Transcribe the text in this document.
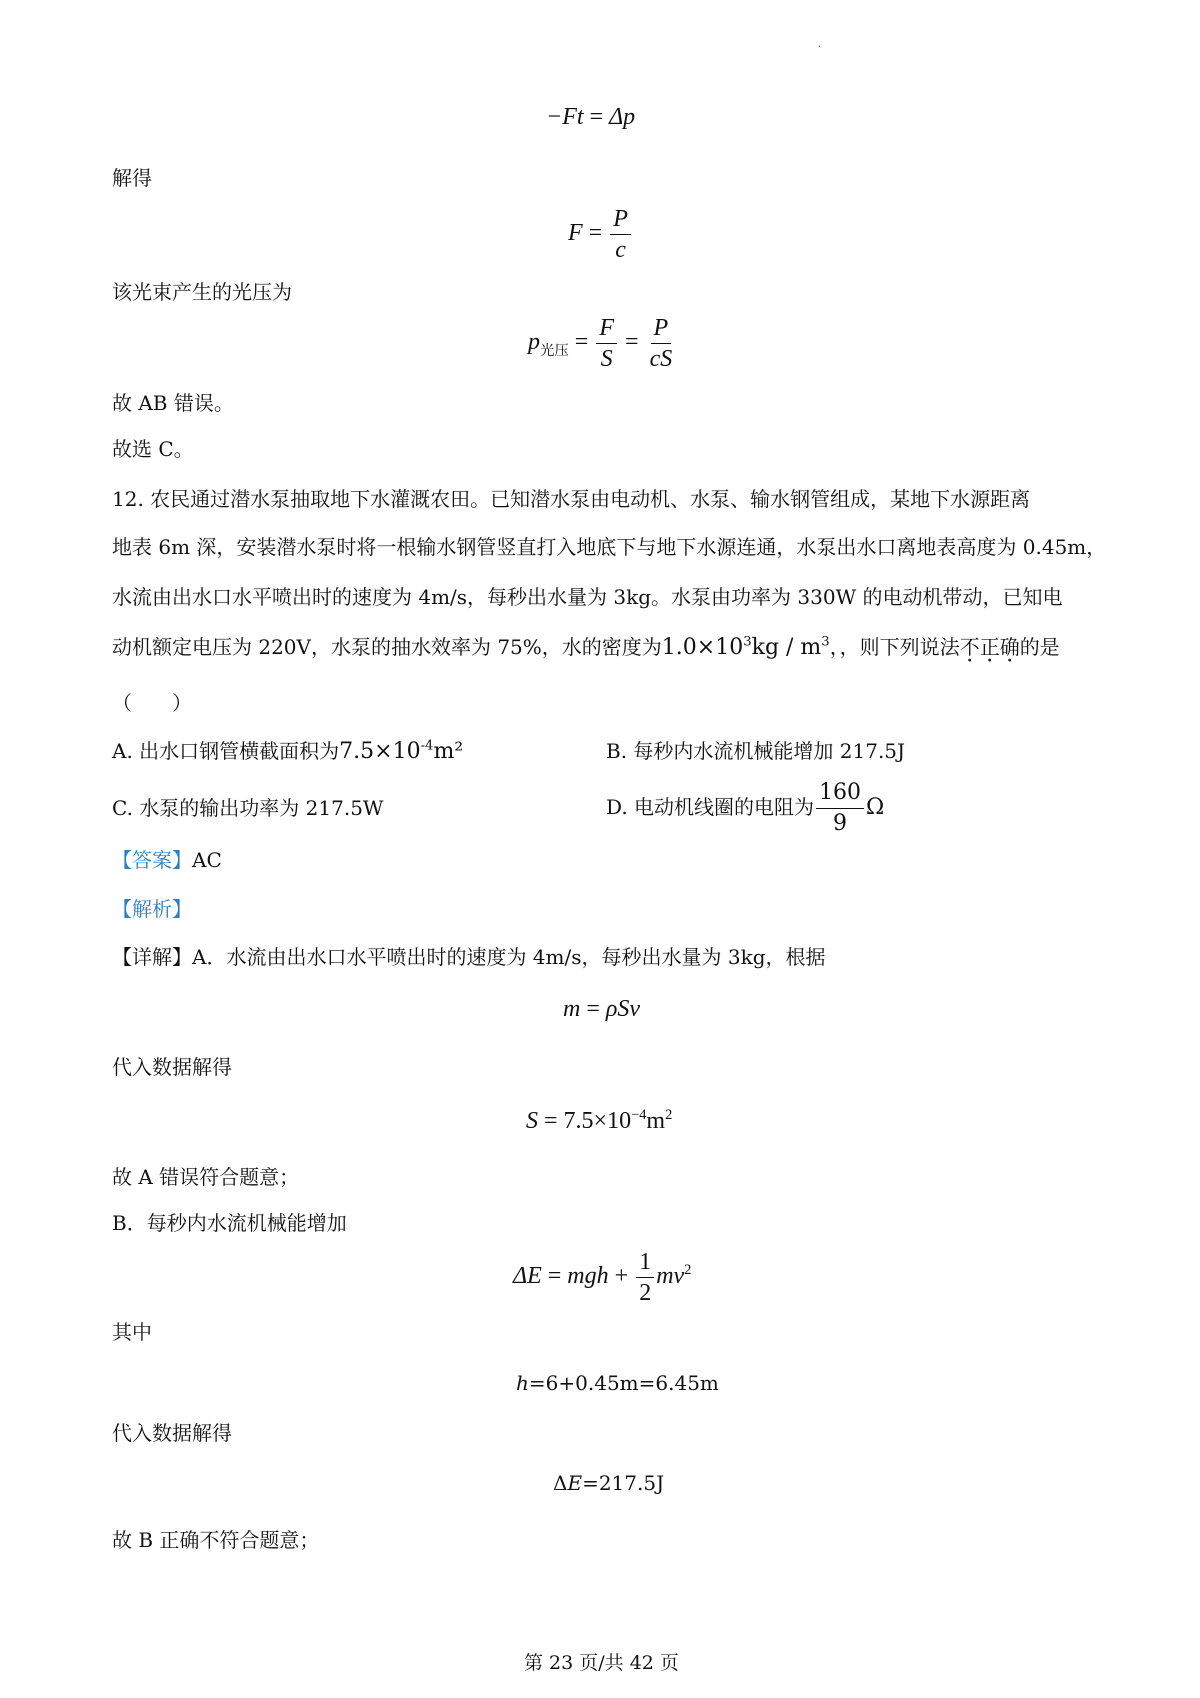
·
−Ft = Δp
解得
$F = \frac{P}{c}$
该光束产生的光压为
$p_{光压} = \frac{F}{S} = \frac{P}{cS}$
故 AB 错误。
故选 C。
12. 农民通过潜水泵抽取地下水灌溉农田。已知潜水泵由电动机、水泵、输水钢管组成，某地下水源距离
地表 6m 深，安装潜水泵时将一根输水钢管竖直打入地底下与地下水源连通，水泵出水口离地表高度为 0.45m，
水流由出水口水平喷出时的速度为 4m/s，每秒出水量为 3kg。水泵由功率为 330W 的电动机带动，已知电
动机额定电压为 220V，水泵的抽水效率为 75%，水的密度为$1.0\times 10^3kg / m^3$，，则下列说法不正确的是
（　　）
A. 出水口钢管横截面积为$7.5\times 10^{-4}m^2$	B. 每秒内水流机械能增加 217.5J
C. 水泵的输出功率为 217.5W	D. 电动机线圈的电阻为 $\frac{160}{9}$ Ω
【答案】AC
【解析】
【详解】A．水流由出水口水平喷出时的速度为 4m/s，每秒出水量为 3kg，根据
m = ρSv
代入数据解得
$S = 7.5\times 10^{-4}m^2$
故 A 错误符合题意；
B．每秒内水流机械能增加
ΔE = mgh + $\frac{1}{2} mv^2$
其中
h=6+0.45m=6.45m
代入数据解得
ΔE=217.5J
故 B 正确不符合题意；
第 23 页/共 42 页
